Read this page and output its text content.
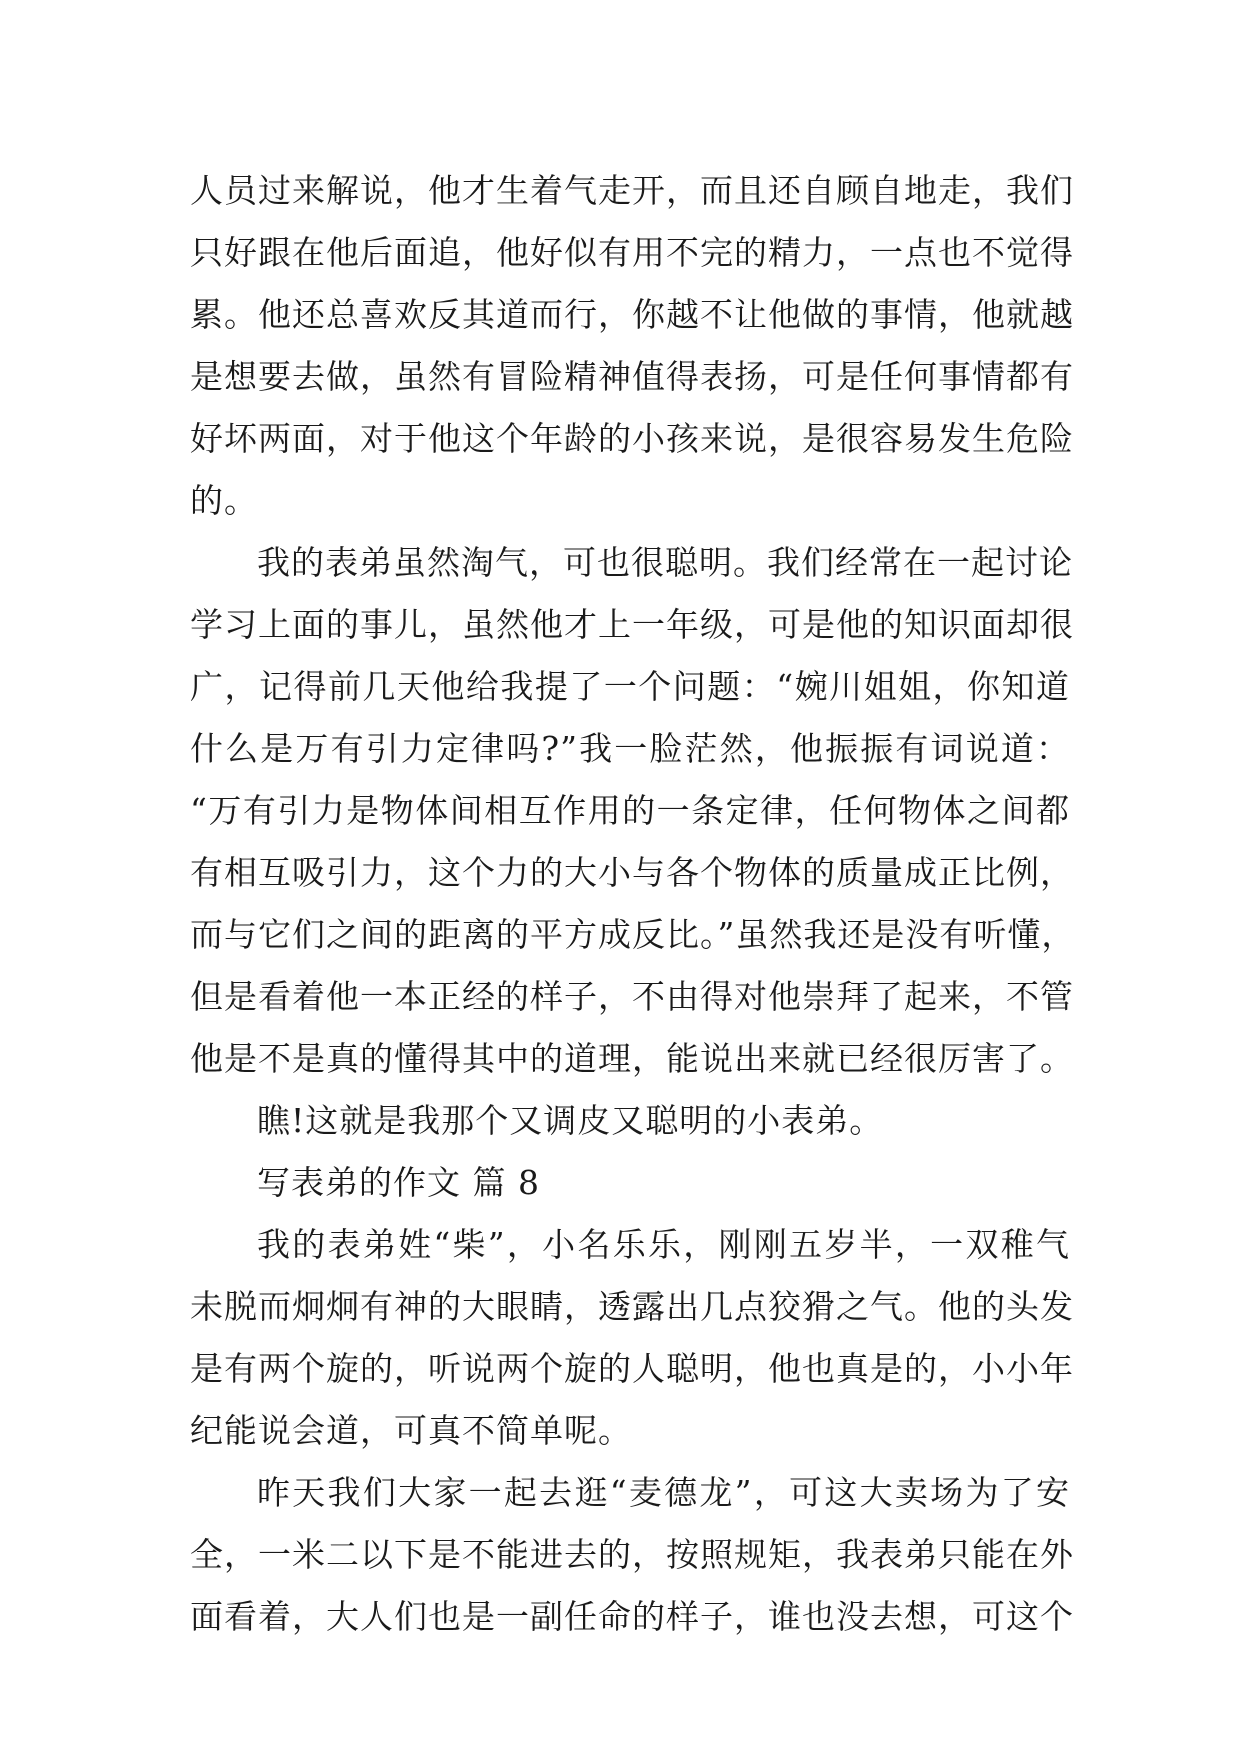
人员过来解说，他才生着气走开，而且还自顾自地走，我们
只好跟在他后面追，他好似有用不完的精力，一点也不觉得
累。他还总喜欢反其道而行，你越不让他做的事情，他就越
是想要去做，虽然有冒险精神值得表扬，可是任何事情都有
好坏两面，对于他这个年龄的小孩来说，是很容易发生危险
的。
我的表弟虽然淘气，可也很聪明。我们经常在一起讨论
学习上面的事儿，虽然他才上一年级，可是他的知识面却很
广，记得前几天他给我提了一个问题：“婉川姐姐，你知道
什么是万有引力定律吗?”我一脸茫然，他振振有词说道：
“万有引力是物体间相互作用的一条定律，任何物体之间都
有相互吸引力，这个力的大小与各个物体的质量成正比例，
而与它们之间的距离的平方成反比。”虽然我还是没有听懂，
但是看着他一本正经的样子，不由得对他崇拜了起来，不管
他是不是真的懂得其中的道理，能说出来就已经很厉害了。
瞧!这就是我那个又调皮又聪明的小表弟。
写表弟的作文 篇 8
我的表弟姓“柴”，小名乐乐，刚刚五岁半，一双稚气
未脱而炯炯有神的大眼睛，透露出几点狡猾之气。他的头发
是有两个旋的，听说两个旋的人聪明，他也真是的，小小年
纪能说会道，可真不简单呢。
昨天我们大家一起去逛“麦德龙”，可这大卖场为了安
全，一米二以下是不能进去的，按照规矩，我表弟只能在外
面看着，大人们也是一副任命的样子，谁也没去想，可这个
